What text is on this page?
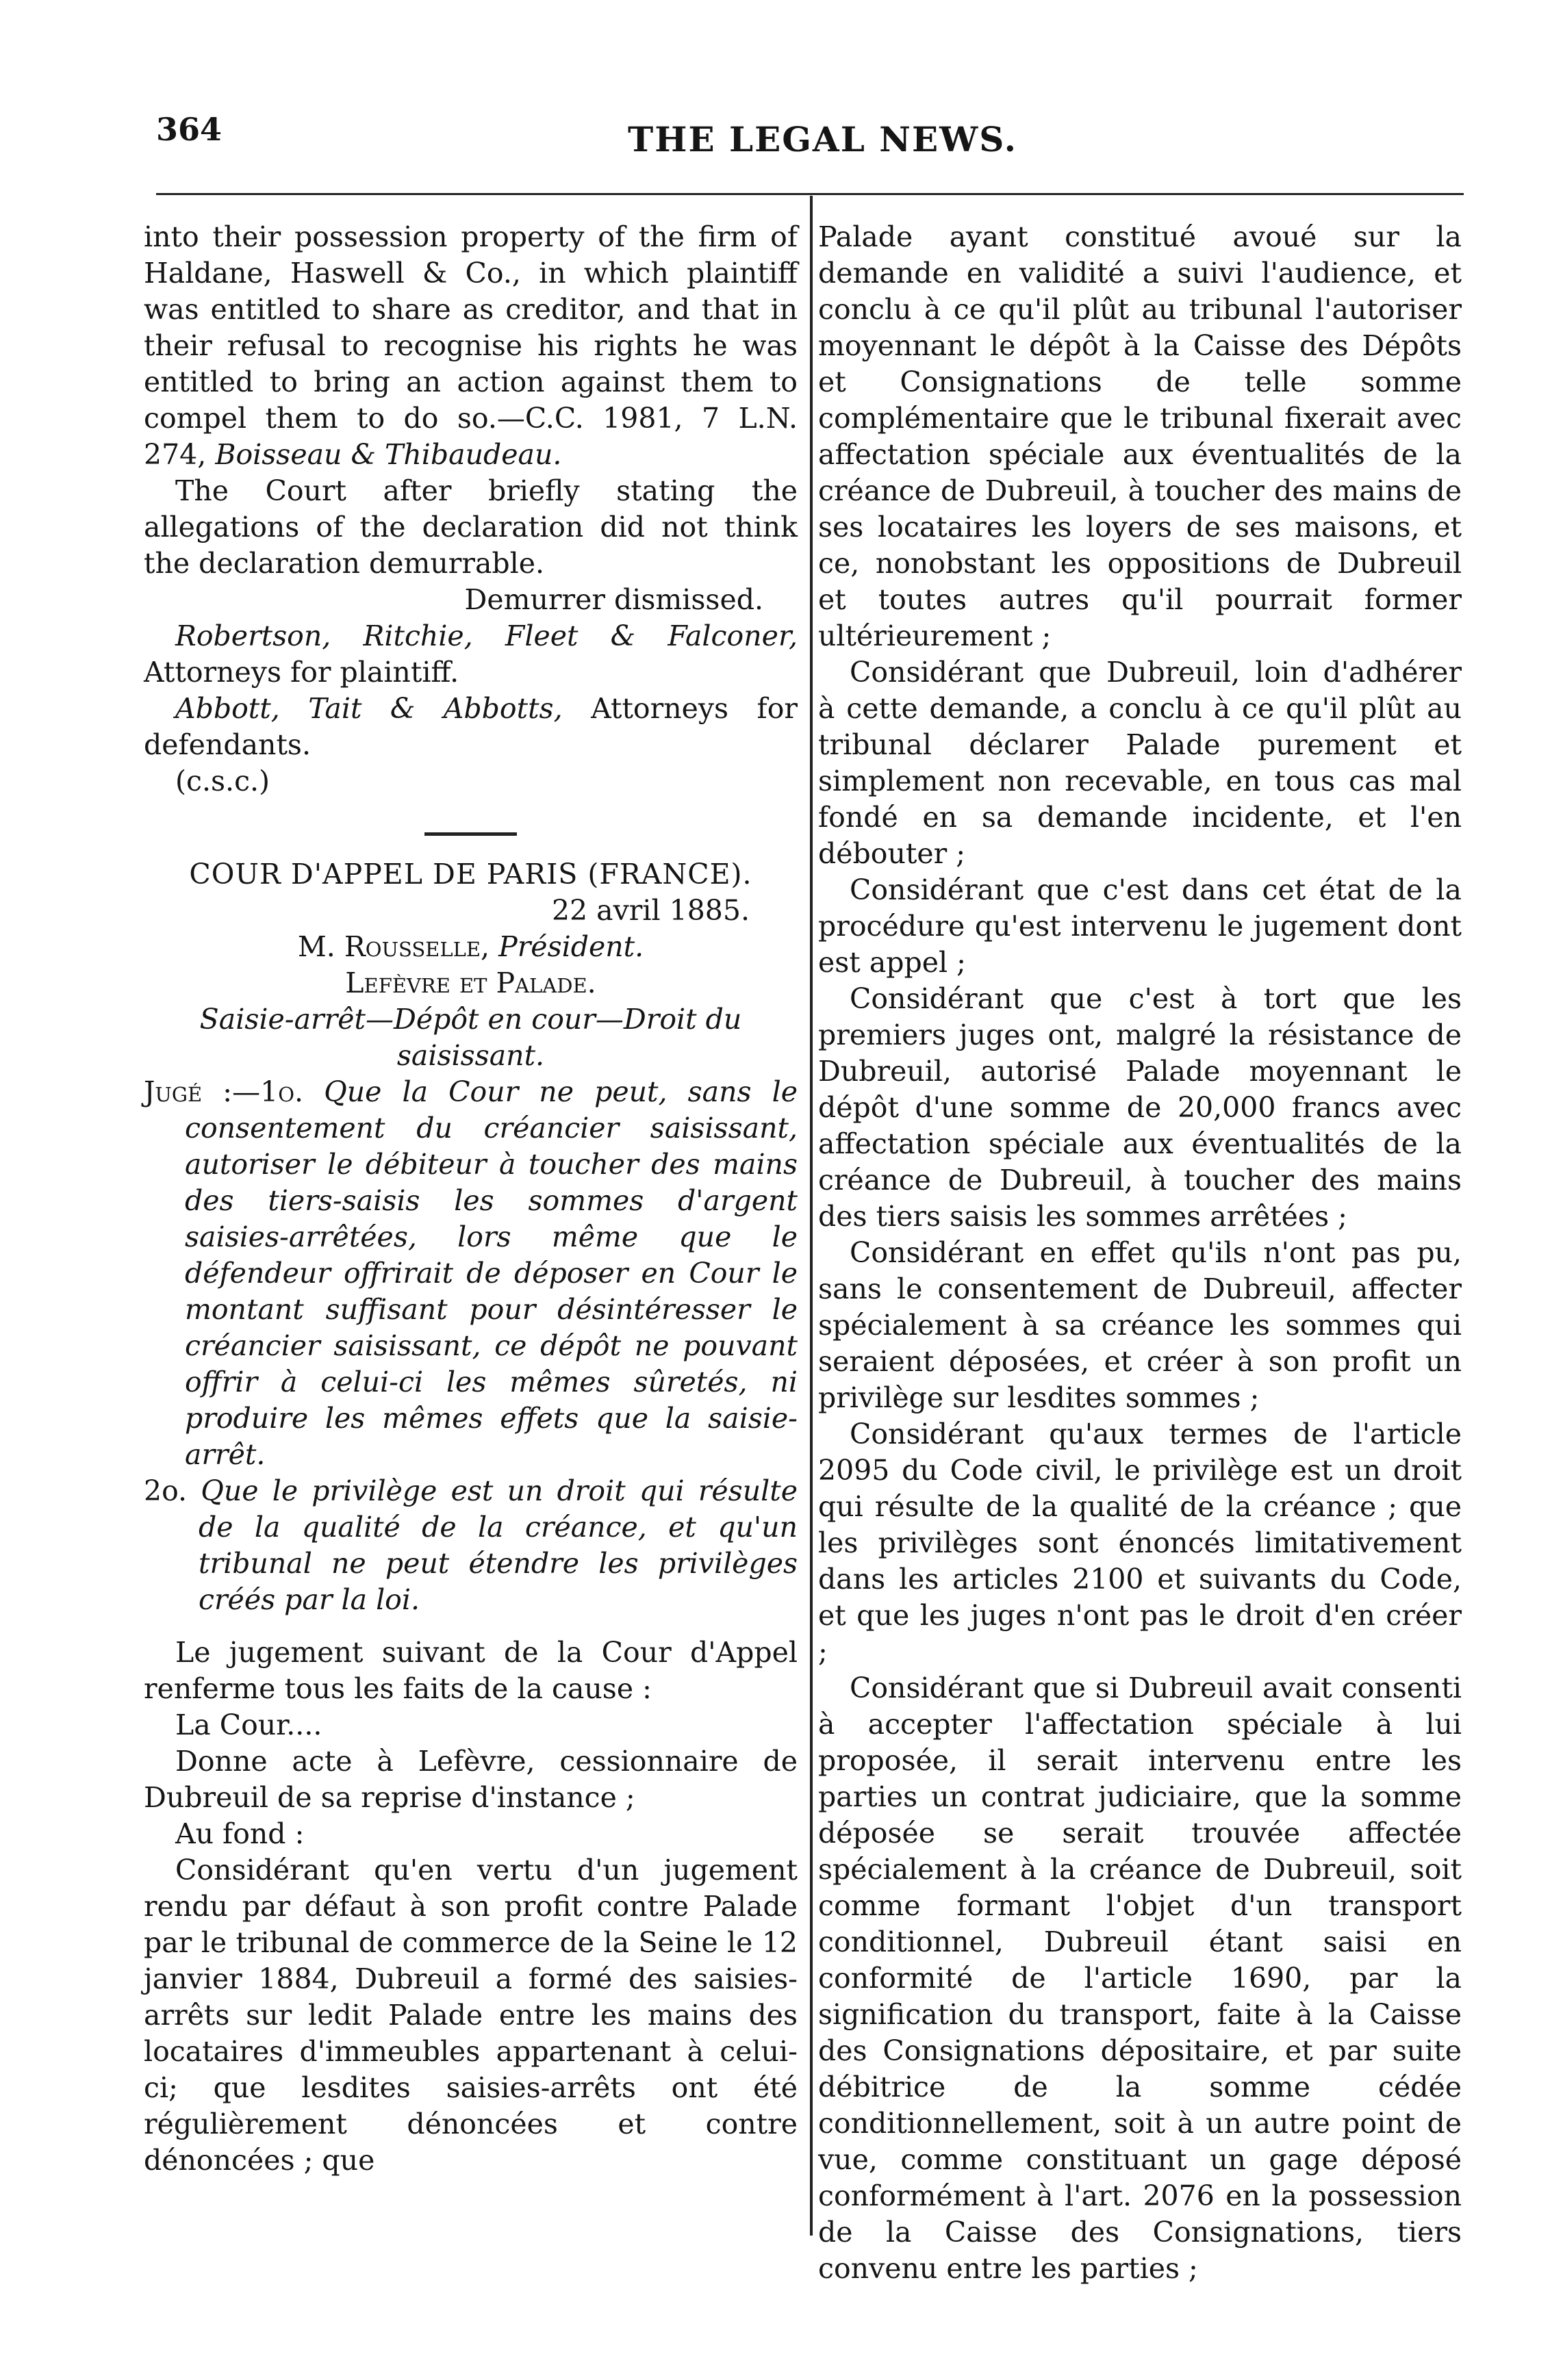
364	THE LEGAL NEWS.

into their possession property of the firm of Haldane, Haswell & Co., in which plaintiff was entitled to share as creditor, and that in their refusal to recognise his rights he was entitled to bring an action against them to compel them to do so.—C.C. 1981, 7 L.N. 274, Boisseau & Thibaudeau.

The Court after briefly stating the allegations of the declaration did not think the declaration demurrable.

Demurrer dismissed.

Robertson, Ritchie, Fleet & Falconer, Attorneys for plaintiff.

Abbott, Tait & Abbotts, Attorneys for defendants.

(c.s.c.)

COUR D'APPEL DE PARIS (FRANCE).

22 avril 1885.

M. Rousselle, Président.

Lefèvre et Palade.

Saisie-arrêt—Dépôt en cour—Droit du saisissant.

Jugé :—1o. Que la Cour ne peut, sans le consentement du créancier saisissant, autoriser le débiteur à toucher des mains des tiers-saisis les sommes d'argent saisies-arrêtées, lors même que le défendeur offrirait de déposer en Cour le montant suffisant pour désintéresser le créancier saisissant, ce dépôt ne pouvant offrir à celui-ci les mêmes sûretés, ni produire les mêmes effets que la saisie-arrêt.

2o. Que le privilège est un droit qui résulte de la qualité de la créance, et qu'un tribunal ne peut étendre les privilèges créés par la loi.

Le jugement suivant de la Cour d'Appel renferme tous les faits de la cause :

La Cour....

Donne acte à Lefèvre, cessionnaire de Dubreuil de sa reprise d'instance ;

Au fond :

Considérant qu'en vertu d'un jugement rendu par défaut à son profit contre Palade par le tribunal de commerce de la Seine le 12 janvier 1884, Dubreuil a formé des saisies-arrêts sur ledit Palade entre les mains des locataires d'immeubles appartenant à celui-ci; que lesdites saisies-arrêts ont été régulièrement dénoncées et contre dénoncées ; que

Palade ayant constitué avoué sur la demande en validité a suivi l'audience, et conclu à ce qu'il plût au tribunal l'autoriser moyennant le dépôt à la Caisse des Dépôts et Consignations de telle somme complémentaire que le tribunal fixerait avec affectation spéciale aux éventualités de la créance de Dubreuil, à toucher des mains de ses locataires les loyers de ses maisons, et ce, nonobstant les oppositions de Dubreuil et toutes autres qu'il pourrait former ultérieurement ;

Considérant que Dubreuil, loin d'adhérer à cette demande, a conclu à ce qu'il plût au tribunal déclarer Palade purement et simplement non recevable, en tous cas mal fondé en sa demande incidente, et l'en débouter ;

Considérant que c'est dans cet état de la procédure qu'est intervenu le jugement dont est appel ;

Considérant que c'est à tort que les premiers juges ont, malgré la résistance de Dubreuil, autorisé Palade moyennant le dépôt d'une somme de 20,000 francs avec affectation spéciale aux éventualités de la créance de Dubreuil, à toucher des mains des tiers saisis les sommes arrêtées ;

Considérant en effet qu'ils n'ont pas pu, sans le consentement de Dubreuil, affecter spécialement à sa créance les sommes qui seraient déposées, et créer à son profit un privilège sur lesdites sommes ;

Considérant qu'aux termes de l'article 2095 du Code civil, le privilège est un droit qui résulte de la qualité de la créance ; que les privilèges sont énoncés limitativement dans les articles 2100 et suivants du Code, et que les juges n'ont pas le droit d'en créer ;

Considérant que si Dubreuil avait consenti à accepter l'affectation spéciale à lui proposée, il serait intervenu entre les parties un contrat judiciaire, que la somme déposée se serait trouvée affectée spécialement à la créance de Dubreuil, soit comme formant l'objet d'un transport conditionnel, Dubreuil étant saisi en conformité de l'article 1690, par la signification du transport, faite à la Caisse des Consignations dépositaire, et par suite débitrice de la somme cédée conditionnellement, soit à un autre point de vue, comme constituant un gage déposé conformément à l'art. 2076 en la possession de la Caisse des Consignations, tiers convenu entre les parties ;
